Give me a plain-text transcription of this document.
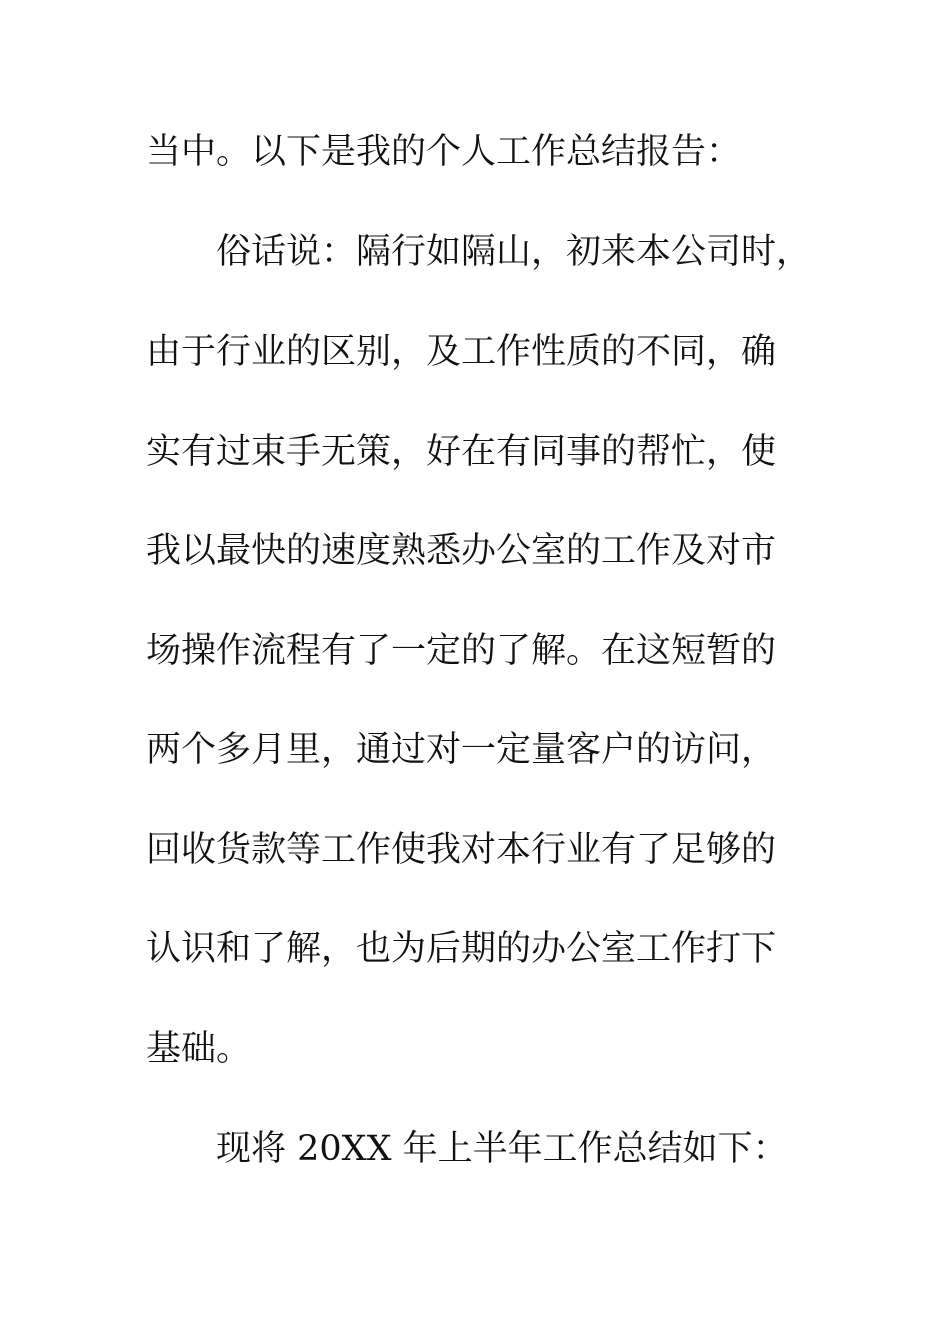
当中。以下是我的个人工作总结报告：
俗话说：隔行如隔山，初来本公司时，
由于行业的区别，及工作性质的不同，确
实有过束手无策，好在有同事的帮忙，使
我以最快的速度熟悉办公室的工作及对市
场操作流程有了一定的了解。在这短暂的
两个多月里，通过对一定量客户的访问，
回收货款等工作使我对本行业有了足够的
认识和了解，也为后期的办公室工作打下
基础。
现将 20XX 年上半年工作总结如下：
